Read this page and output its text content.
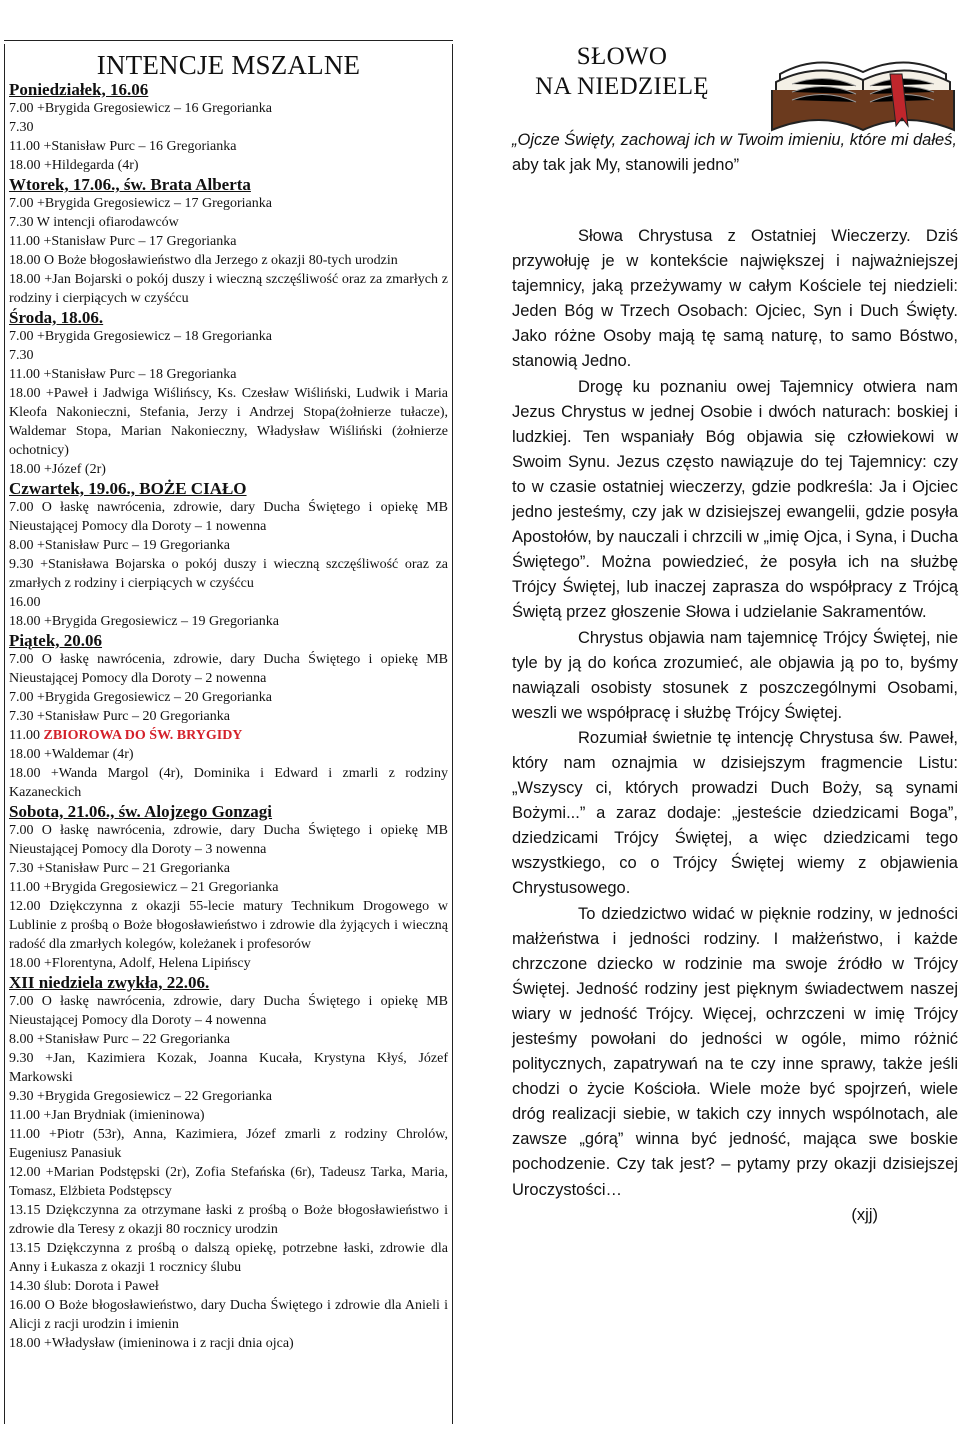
INTENCJE MSZALNE
Poniedziałek, 16.06
7.00 +Brygida Gregosiewicz – 16 Gregorianka
7.30
11.00 +Stanisław Purc – 16 Gregorianka
18.00 +Hildegarda (4r)
Wtorek, 17.06., św. Brata Alberta
7.00 +Brygida Gregosiewicz – 17 Gregorianka
7.30 W intencji ofiarodawców
11.00 +Stanisław Purc – 17 Gregorianka
18.00 O Boże błogosławieństwo dla Jerzego z okazji 80-tych urodzin
18.00 +Jan Bojarski o pokój duszy i wieczną szczęśliwość oraz za zmarłych z rodziny i cierpiących w czyśćcu
Środa, 18.06.
7.00 +Brygida Gregosiewicz – 18 Gregorianka
7.30
11.00 +Stanisław Purc – 18 Gregorianka
18.00 +Paweł i Jadwiga Wiślińscy, Ks. Czesław Wiśliński, Ludwik i Maria Kleofa Nakonieczni, Stefania, Jerzy i Andrzej Stopa(żołnierze tułacze), Waldemar Stopa, Marian Nakonieczny, Władysław Wiśliński (żołnierze ochotnicy)
18.00 +Józef (2r)
Czwartek, 19.06., BOŻE CIAŁO
7.00 O łaskę nawrócenia, zdrowie, dary Ducha Świętego i opiekę MB Nieustającej Pomocy dla Doroty – 1 nowenna
8.00 +Stanisław Purc – 19 Gregorianka
9.30 +Stanisława Bojarska o pokój duszy i wieczną szczęśliwość oraz za zmarłych z rodziny i cierpiących w czyśćcu
16.00
18.00 +Brygida Gregosiewicz – 19 Gregorianka
Piątek, 20.06
7.00 O łaskę nawrócenia, zdrowie, dary Ducha Świętego i opiekę MB Nieustającej Pomocy dla Doroty – 2 nowenna
7.00 +Brygida Gregosiewicz – 20 Gregorianka
7.30 +Stanisław Purc – 20 Gregorianka
11.00 ZBIOROWA DO ŚW. BRYGIDY
18.00 +Waldemar (4r)
18.00 +Wanda Margol (4r), Dominika i Edward i zmarli z rodziny Kazaneckich
Sobota, 21.06., św. Alojzego Gonzagi
7.00 O łaskę nawrócenia, zdrowie, dary Ducha Świętego i opiekę MB Nieustającej Pomocy dla Doroty – 3 nowenna
7.30 +Stanisław Purc – 21 Gregorianka
11.00 +Brygida Gregosiewicz – 21 Gregorianka
12.00 Dziękczynna z okazji 55-lecie matury Technikum Drogowego w Lublinie z prośbą o Boże błogosławieństwo i zdrowie dla żyjących i wieczną radość dla zmarłych kolegów, koleżanek i profesorów
18.00 +Florentyna, Adolf, Helena Lipińscy
XII niedziela zwykła, 22.06.
7.00 O łaskę nawrócenia, zdrowie, dary Ducha Świętego i opiekę MB Nieustającej Pomocy dla Doroty – 4 nowenna
8.00 +Stanisław Purc – 22 Gregorianka
9.30 +Jan, Kazimiera Kozak, Joanna Kucała, Krystyna Kłyś, Józef Markowski
9.30 +Brygida Gregosiewicz – 22 Gregorianka
11.00 +Jan Brydniak (imieninowa)
11.00 +Piotr (53r), Anna, Kazimiera, Józef zmarli z rodziny Chrolów, Eugeniusz Panasiuk
12.00 +Marian Podstępski (2r), Zofia Stefańska (6r), Tadeusz Tarka, Maria, Tomasz, Elżbieta Podstępscy
13.15 Dziękczynna za otrzymane łaski z prośbą o Boże błogosławieństwo i zdrowie dla Teresy z okazji 80 rocznicy urodzin
13.15 Dziękczynna z prośbą o dalszą opiekę, potrzebne łaski, zdrowie dla Anny i Łukasza z okazji 1 rocznicy ślubu
14.30 ślub: Dorota i Paweł
16.00 O Boże błogosławieństwo, dary Ducha Świętego i zdrowie dla Anieli i Alicji z racji urodzin i imienin
18.00 +Władysław (imieninowa i z racji dnia ojca)
SŁOWO
NA NIEDZIELĘ
„Ojcze Święty, zachowaj ich w Twoim imieniu, które mi dałeś, aby tak jak My, stanowili jedno”

Słowa Chrystusa z Ostatniej Wieczerzy. Dziś przywołuję je w kontekście największej i najważniejszej tajemnicy, jaką przeżywamy w całym Kościele tej niedzieli: Jeden Bóg w Trzech Osobach: Ojciec, Syn i Duch Święty. Jako różne Osoby mają tę samą naturę, to samo Bóstwo, stanowią Jedno.

Drogę ku poznaniu owej Tajemnicy otwiera nam Jezus Chrystus w jednej Osobie i dwóch naturach: boskiej i ludzkiej. Ten wspaniały Bóg objawia się człowiekowi w Swoim Synu. Jezus często nawiązuje do tej Tajemnicy: czy to w czasie ostatniej wieczerzy, gdzie podkreśla: Ja i Ojciec jedno jesteśmy, czy jak w dzisiejszej ewangelii, gdzie posyła Apostołów, by nauczali i chrzcili w „imię Ojca, i Syna, i Ducha Świętego”. Można powiedzieć, że posyła ich na służbę Trójcy Świętej, lub inaczej zaprasza do współpracy z Trójcą Świętą przez głoszenie Słowa i udzielanie Sakramentów.

Chrystus objawia nam tajemnicę Trójcy Świętej, nie tyle by ją do końca zrozumieć, ale objawia ją po to, byśmy nawiązali osobisty stosunek z poszczególnymi Osobami, weszli we współpracę i służbę Trójcy Świętej.

Rozumiał świetnie tę intencję Chrystusa św. Paweł, który nam oznajmia w dzisiejszym fragmencie Listu: „Wszyscy ci, których prowadzi Duch Boży, są synami Bożymi...” a zaraz dodaje: „jesteście dziedzicami Boga”, dziedzicami Trójcy Świętej, a więc dziedzicami tego wszystkiego, co o Trójcy Świętej wiemy z objawienia Chrystusowego.

To dziedzictwo widać w pięknie rodziny, w jedności małżeństwa i jedności rodziny. I małżeństwo, i każde chrzczone dziecko w rodzinie ma swoje źródło w Trójcy Świętej. Jedność rodziny jest pięknym świadectwem naszej wiary w jedność Trójcy. Więcej, ochrzczeni w imię Trójcy jesteśmy powołani do jedności w ogóle, mimo różnić politycznych, zapatrywań na te czy inne sprawy, także jeśli chodzi o życie Kościoła. Wiele może być spojrzeń, wiele dróg realizacji siebie, w takich czy innych wspólnotach, ale zawsze „górą” winna być jedność, mająca swe boskie pochodzenie. Czy tak jest? – pytamy przy okazji dzisiejszej Uroczystości…

(xjj)
